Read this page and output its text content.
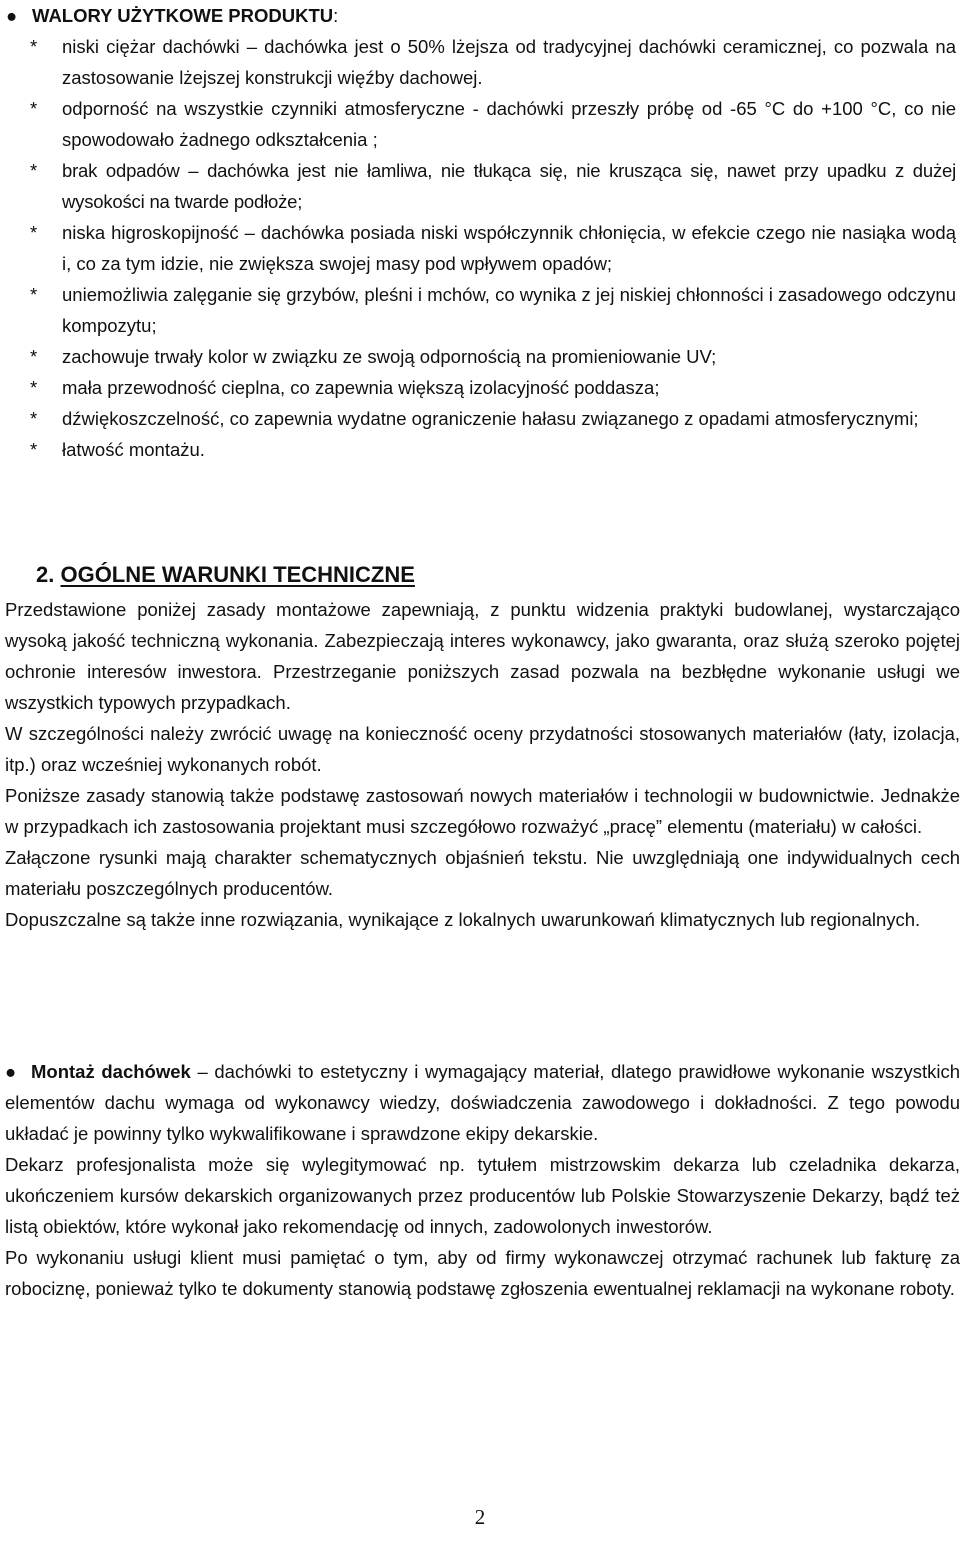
● WALORY UŻYTKOWE PRODUKTU:

*	niski ciężar dachówki – dachówka jest o 50% lżejsza od tradycyjnej dachówki ceramicznej, co pozwala na zastosowanie lżejszej konstrukcji więźby dachowej.

*	odporność na wszystkie czynniki atmosferyczne - dachówki przeszły próbę od -65 °C do +100 °C, co nie spowodowało żadnego odkształcenia ;

*	brak odpadów – dachówka jest nie łamliwa, nie tłukąca się, nie krusząca się, nawet przy upadku z dużej wysokości na twarde podłoże;

*	niska higroskopijność – dachówka posiada niski współczynnik chłonięcia, w efekcie czego nie nasiąka wodą i, co za tym idzie, nie zwiększa swojej masy pod wpływem opadów;

*	uniemożliwia zalęganie się grzybów, pleśni i mchów, co wynika z jej niskiej chłonności i zasadowego odczynu kompozytu;

*	zachowuje trwały kolor w związku ze swoją odpornością na promieniowanie UV;

*	mała przewodność cieplna, co zapewnia większą izolacyjność poddasza;

*	dźwiękoszczelność, co zapewnia wydatne ograniczenie hałasu związanego z opadami atmosferycznymi;

*	łatwość montażu.

2. OGÓLNE WARUNKI TECHNICZNE

Przedstawione poniżej zasady montażowe zapewniają, z punktu widzenia praktyki budowlanej, wystarczająco wysoką jakość techniczną wykonania. Zabezpieczają interes wykonawcy, jako gwaranta, oraz służą szeroko pojętej ochronie interesów inwestora. Przestrzeganie poniższych zasad pozwala na bezbłędne wykonanie usługi we wszystkich typowych przypadkach.

W szczególności należy zwrócić uwagę na konieczność oceny przydatności stosowanych materiałów (łaty, izolacja, itp.) oraz wcześniej wykonanych robót.

Poniższe zasady stanowią także podstawę zastosowań nowych materiałów i technologii w budownictwie. Jednakże w przypadkach ich zastosowania projektant musi szczegółowo rozważyć „pracę” elementu (materiału) w całości.

Załączone rysunki mają charakter schematycznych objaśnień tekstu. Nie uwzględniają one indywidualnych cech materiału poszczególnych producentów.

Dopuszczalne są także inne rozwiązania, wynikające z lokalnych uwarunkowań klimatycznych lub regionalnych.

● Montaż dachówek – dachówki to estetyczny i wymagający materiał, dlatego prawidłowe wykonanie wszystkich elementów dachu wymaga od wykonawcy wiedzy, doświadczenia zawodowego i dokładności. Z tego powodu układać je powinny tylko wykwalifikowane i sprawdzone ekipy dekarskie.

Dekarz profesjonalista może się wylegitymować np. tytułem mistrzowskim dekarza lub czeladnika dekarza, ukończeniem kursów dekarskich organizowanych przez producentów lub Polskie Stowarzyszenie Dekarzy, bądź też listą obiektów, które wykonał jako rekomendację od innych, zadowolonych inwestorów.

Po wykonaniu usługi klient musi pamiętać o tym, aby od firmy wykonawczej otrzymać rachunek lub fakturę za robociznę, ponieważ tylko te dokumenty stanowią podstawę zgłoszenia ewentualnej reklamacji na wykonane roboty.

2
